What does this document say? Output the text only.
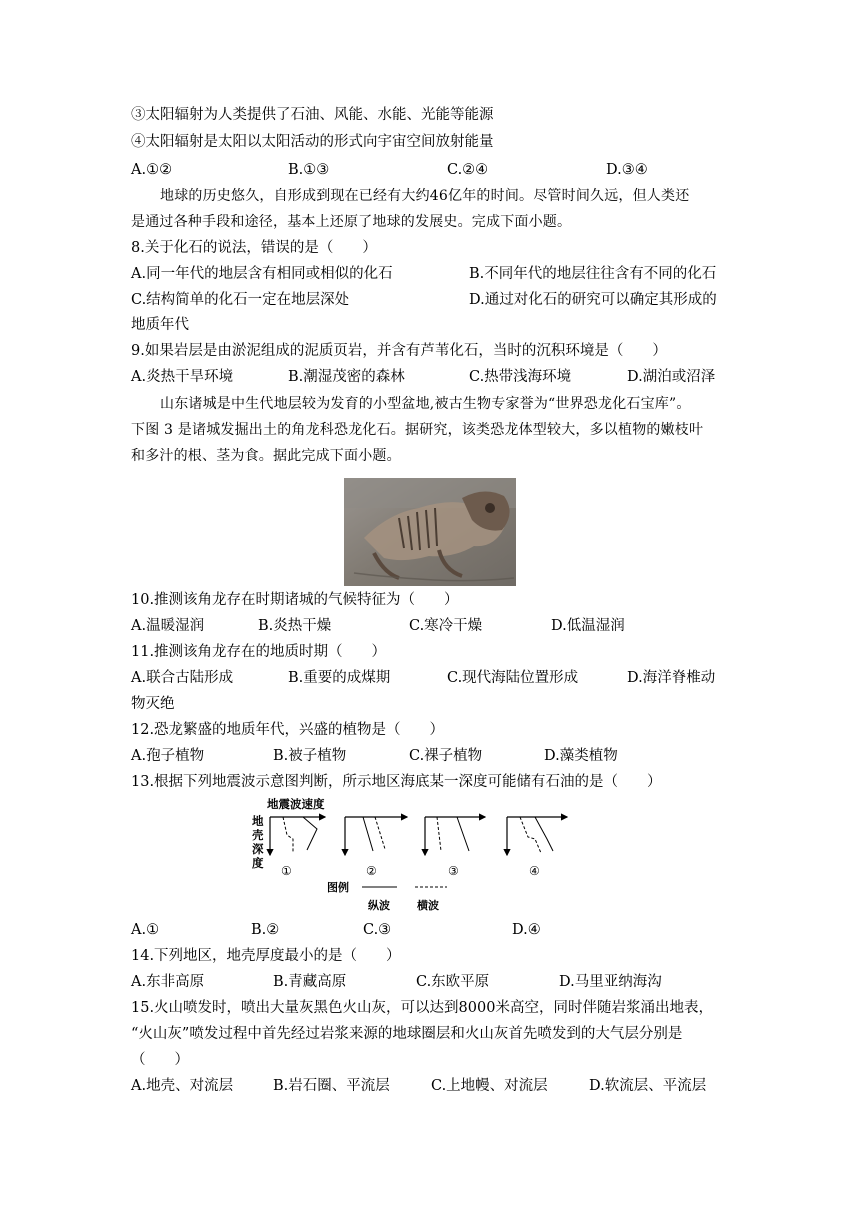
③太阳辐射为人类提供了石油、风能、水能、光能等能源
④太阳辐射是太阳以太阳活动的形式向宇宙空间放射能量
A.①②	B.①③	C.②④	D.③④
地球的历史悠久，自形成到现在已经有大约46亿年的时间。尽管时间久远，但人类还
是通过各种手段和途径，基本上还原了地球的发展史。完成下面小题。
8.关于化石的说法，错误的是（　　）
A.同一年代的地层含有相同或相似的化石	B.不同年代的地层往往含有不同的化石
C.结构简单的化石一定在地层深处	D.通过对化石的研究可以确定其形成的
地质年代
9.如果岩层是由淤泥组成的泥质页岩，并含有芦苇化石，当时的沉积环境是（　　）
A.炎热干旱环境	B.潮湿茂密的森林	C.热带浅海环境	D.湖泊或沼泽
山东诸城是中生代地层较为发育的小型盆地,被古生物专家誉为“世界恐龙化石宝库”。
下图 3 是诸城发掘出土的角龙科恐龙化石。据研究，该类恐龙体型较大，多以植物的嫩枝叶
和多汁的根、茎为食。据此完成下面小题。
10.推测该角龙存在时期诸城的气候特征为（　　）
A.温暖湿润	B.炎热干燥	C.寒冷干燥	D.低温湿润
11.推测该角龙存在的地质时期（　　）
A.联合古陆形成	B.重要的成煤期	C.现代海陆位置形成	D.海洋脊椎动
物灭绝
12.恐龙繁盛的地质年代，兴盛的植物是（　　）
A.孢子植物	B.被子植物	C.裸子植物	D.藻类植物
13.根据下列地震波示意图判断，所示地区海底某一深度可能储有石油的是（　　）
地震波速度
地
壳
深
度
①	②	③	④
图例
纵波 横波
A.①	B.②	C.③	D.④
14.下列地区，地壳厚度最小的是（　　）
A.东非高原	B.青藏高原	C.东欧平原	D.马里亚纳海沟
15.火山喷发时，喷出大量灰黑色火山灰，可以达到8000米高空，同时伴随岩浆涌出地表，
“火山灰”喷发过程中首先经过岩浆来源的地球圈层和火山灰首先喷发到的大气层分别是
（　　）
A.地壳、对流层	B.岩石圈、平流层	C.上地幔、对流层	D.软流层、平流层
